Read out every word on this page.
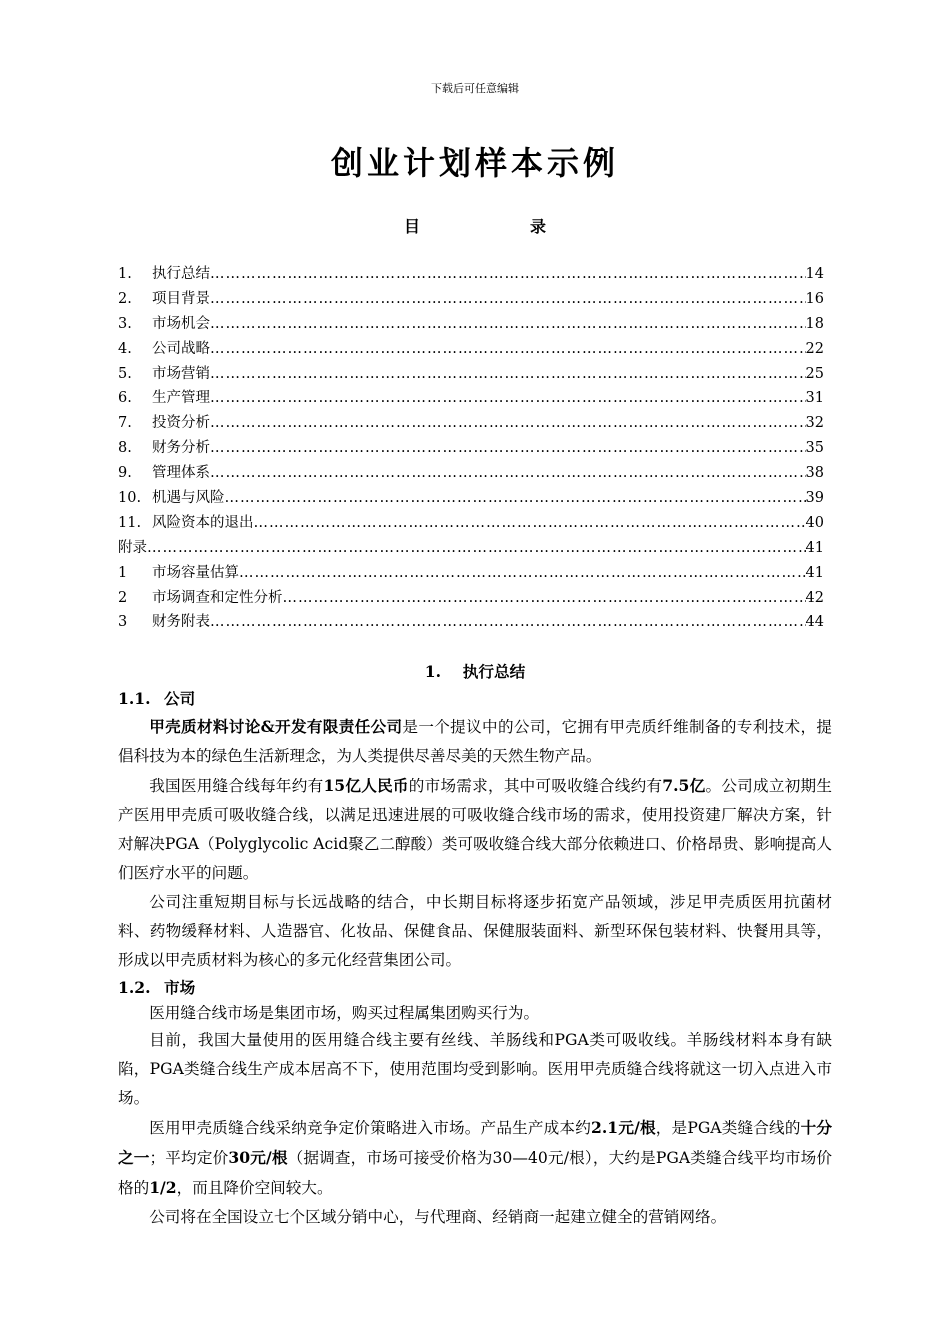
下载后可任意编辑
创业计划样本示例
目	录
1.	执行总结 ……………………………………………………………………………………………………………………………………………………………………………………………………………	14
2.	项目背景 ……………………………………………………………………………………………………………………………………………………………………………………………………………	16
3.	市场机会 ……………………………………………………………………………………………………………………………………………………………………………………………………………	18
4.	公司战略 ……………………………………………………………………………………………………………………………………………………………………………………………………………	22
5.	市场营销 ……………………………………………………………………………………………………………………………………………………………………………………………………………	25
6.	生产管理 ……………………………………………………………………………………………………………………………………………………………………………………………………………	31
7.	投资分析 ……………………………………………………………………………………………………………………………………………………………………………………………………………	32
8.	财务分析 ……………………………………………………………………………………………………………………………………………………………………………………………………………	35
9.	管理体系 ……………………………………………………………………………………………………………………………………………………………………………………………………………	38
10. 机遇与风险 ……………………………………………………………………………………………………………………………………………………………………………………………………………	39
11. 风险资本的退出 ……………………………………………………………………………………………………………………………………………………………………………………………………………	40
附录 ……………………………………………………………………………………………………………………………………………………………………………………………………………	41
1	市场容量估算 ……………………………………………………………………………………………………………………………………………………………………………………………………………	41
2	市场调查和定性分析 ……………………………………………………………………………………………………………………………………………………………………………………………………………	42
3	财务附表 ……………………………………………………………………………………………………………………………………………………………………………………………………………	44
1. 执行总结
1.1. 公司

甲壳质材料讨论&开发有限责任公司是一个提议中的公司，它拥有甲壳质纤维制备的专利技术，提倡科技为本的绿色生活新理念，为人类提供尽善尽美的天然生物产品。

我国医用缝合线每年约有15亿人民币的市场需求，其中可吸收缝合线约有7.5亿。公司成立初期生产医用甲壳质可吸收缝合线，以满足迅速进展的可吸收缝合线市场的需求，使用投资建厂解决方案，针对解决PGA（Polyglycolic Acid聚乙二醇酸）类可吸收缝合线大部分依赖进口、价格昂贵、影响提高人们医疗水平的问题。

公司注重短期目标与长远战略的结合，中长期目标将逐步拓宽产品领域，涉足甲壳质医用抗菌材料、药物缓释材料、人造器官、化妆品、保健食品、保健服装面料、新型环保包装材料、快餐用具等，形成以甲壳质材料为核心的多元化经营集团公司。

1.2. 市场

医用缝合线市场是集团市场，购买过程属集团购买行为。

目前，我国大量使用的医用缝合线主要有丝线、羊肠线和PGA类可吸收线。羊肠线材料本身有缺陷，PGA类缝合线生产成本居高不下，使用范围均受到影响。医用甲壳质缝合线将就这一切入点进入市场。

医用甲壳质缝合线采纳竞争定价策略进入市场。产品生产成本约2.1元/根，是PGA类缝合线的十分之一；平均定价30元/根（据调查，市场可接受价格为30—40元/根），大约是PGA类缝合线平均市场价格的1/2，而且降价空间较大。

公司将在全国设立七个区域分销中心，与代理商、经销商一起建立健全的营销网络。
